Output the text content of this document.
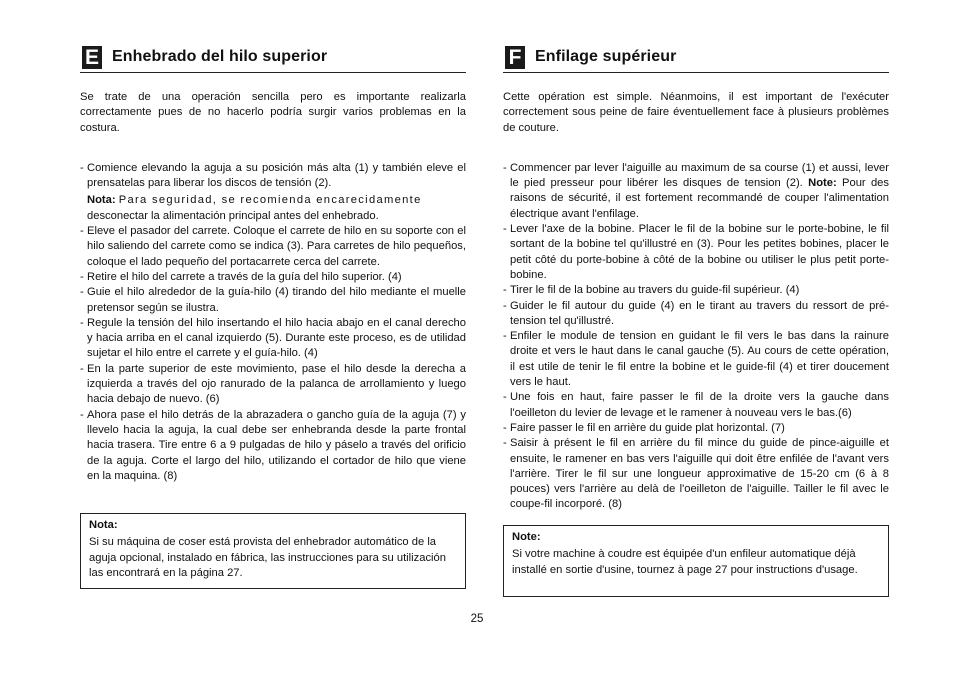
E Enhebrado del hilo superior
Se trate de una operación sencilla pero es importante realizarla correctamente pues de no hacerlo podría surgir varios problemas en la costura.
- Comience elevando la aguja a su posición más alta (1) y también eleve el prensatelas para liberar los discos de tensión (2).
Nota: Para seguridad, se recomienda encarecidamente
desconectar la alimentación principal antes del enhebrado.
- Eleve el pasador del carrete. Coloque el carrete de hilo en su soporte con el hilo saliendo del carrete como se indica (3). Para carretes de hilo pequeños, coloque el lado pequeño del portacarrete cerca del carrete.
- Retire el hilo del carrete a través de la guía del hilo superior. (4)
- Guie el hilo alrededor de la guía-hilo (4) tirando del hilo mediante el muelle pretensor según se ilustra.
- Regule la tensión del hilo insertando el hilo hacia abajo en el canal derecho y hacia arriba en el canal izquierdo (5). Durante este proceso, es de utilidad sujetar el hilo entre el carrete y el guía-hilo. (4)
- En la parte superior de este movimiento, pase el hilo desde la derecha a izquierda a través del ojo ranurado de la palanca de arrollamiento y luego hacia debajo de nuevo. (6)
- Ahora pase el hilo detrás de la abrazadera o gancho guía de la aguja (7) y llevelo hacia la aguja, la cual debe ser enhebranda desde la parte frontal hacia trasera. Tire entre 6 a 9 pulgadas de hilo y páselo a través del orificio de la aguja. Corte el largo del hilo, utilizando el cortador de hilo que viene en la maquina. (8)
Nota:
Si su máquina de coser está provista del enhebrador automático de la aguja opcional, instalado en fábrica, las instrucciones para su utilización las encontrará en la página 27.
F Enfilage supérieur
Cette opération est simple. Néanmoins, il est important de l'exécuter correctement sous peine de faire éventuellement face à plusieurs problèmes de couture.
- Commencer par lever l'aiguille au maximum de sa course (1) et aussi, lever le pied presseur pour libérer les disques de tension (2). Note: Pour des raisons de sécurité, il est fortement recommandé de couper l'alimentation électrique avant l'enfilage.
- Lever l'axe de la bobine. Placer le fil de la bobine sur le porte-bobine, le fil sortant de la bobine tel qu'illustré en (3). Pour les petites bobines, placer le petit côté du porte-bobine à côté de la bobine ou utiliser le plus petit porte-bobine.
- Tirer le fil de la bobine au travers du guide-fil supérieur. (4)
- Guider le fil autour du guide (4) en le tirant au travers du ressort de pré-tension tel qu'illustré.
- Enfiler le module de tension en guidant le fil vers le bas dans la rainure droite et vers le haut dans le canal gauche (5). Au cours de cette opération, il est utile de tenir le fil entre la bobine et le guide-fil (4) et tirer doucement vers le haut.
- Une fois en haut, faire passer le fil de la droite vers la gauche dans l'oeilleton du levier de levage et le ramener à nouveau vers le bas.(6)
- Faire passer le fil en arrière du guide plat horizontal. (7)
- Saisir à présent le fil en arrière du fil mince du guide de pince-aiguille et ensuite, le ramener en bas vers l'aiguille qui doit être enfilée de l'avant vers l'arrière. Tirer le fil sur une longueur approximative de 15-20 cm (6 à 8 pouces) vers l'arrière au delà de l'oeilleton de l'aiguille. Tailler le fil avec le coupe-fil incorporé. (8)
Note:
Si votre machine à coudre est équipée d'un enfileur automatique déjà installé en sortie d'usine, tournez à page 27 pour instructions d'usage.
25
